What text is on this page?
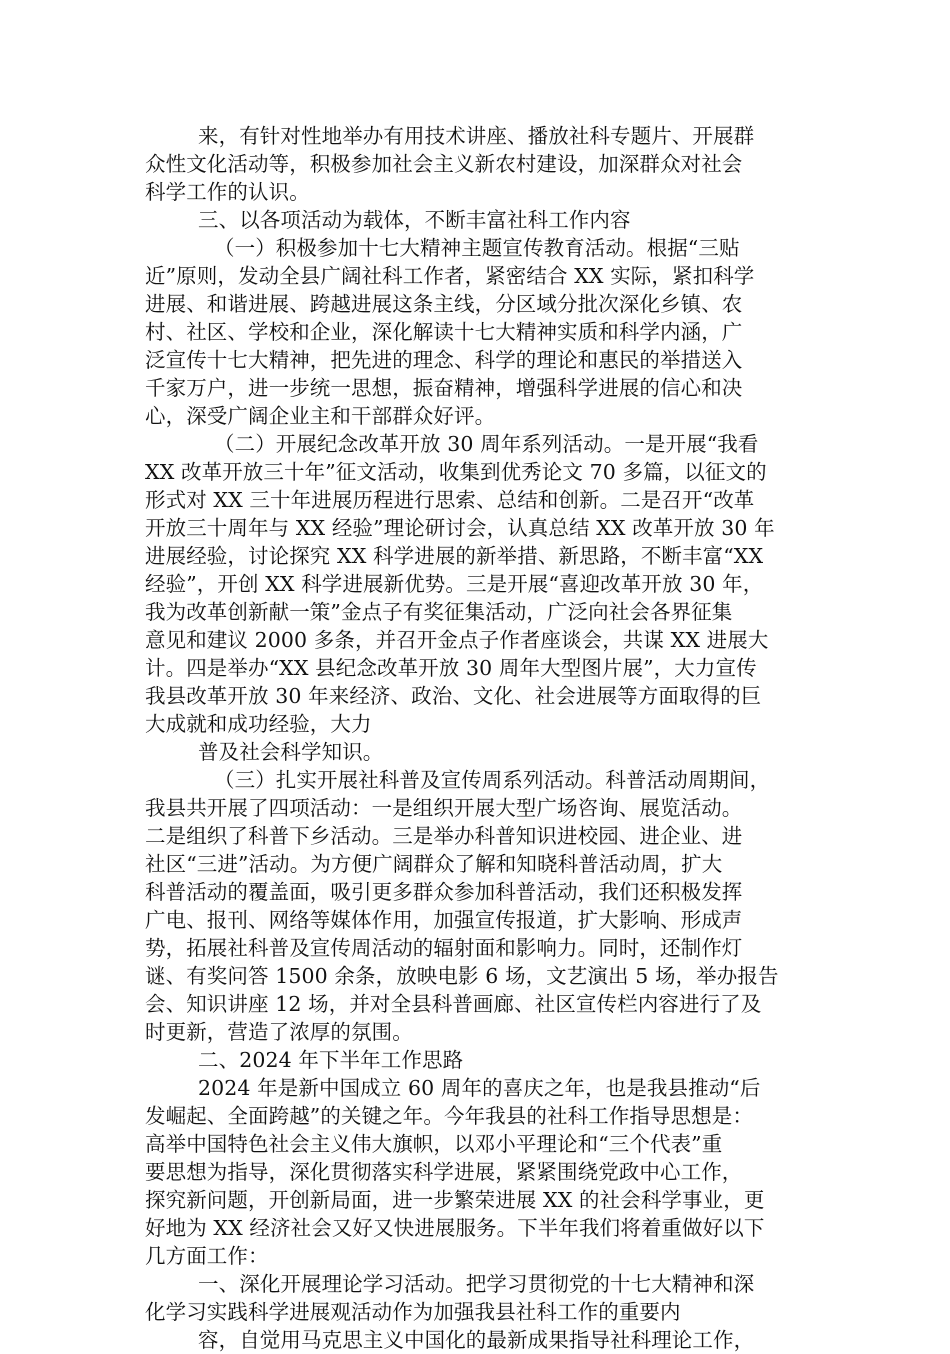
来，有针对性地举办有用技术讲座、播放社科专题片、开展群
众性文化活动等，积极参加社会主义新农村建设，加深群众对社会
科学工作的认识。
三、以各项活动为载体，不断丰富社科工作内容
（一）积极参加十七大精神主题宣传教育活动。根据“三贴
近”原则，发动全县广阔社科工作者，紧密结合 XX 实际，紧扣科学
进展、和谐进展、跨越进展这条主线，分区域分批次深化乡镇、农
村、社区、学校和企业，深化解读十七大精神实质和科学内涵，广
泛宣传十七大精神，把先进的理念、科学的理论和惠民的举措送入
千家万户，进一步统一思想，振奋精神，增强科学进展的信心和决
心，深受广阔企业主和干部群众好评。
（二）开展纪念改革开放 30 周年系列活动。一是开展“我看
XX 改革开放三十年”征文活动，收集到优秀论文 70 多篇，以征文的
形式对 XX 三十年进展历程进行思索、总结和创新。二是召开“改革
开放三十周年与 XX 经验”理论研讨会，认真总结 XX 改革开放 30 年
进展经验，讨论探究 XX 科学进展的新举措、新思路，不断丰富“XX
经验”，开创 XX 科学进展新优势。三是开展“喜迎改革开放 30 年，
我为改革创新献一策”金点子有奖征集活动，广泛向社会各界征集
意见和建议 2000 多条，并召开金点子作者座谈会，共谋 XX 进展大
计。四是举办“XX 县纪念改革开放 30 周年大型图片展”，大力宣传
我县改革开放 30 年来经济、政治、文化、社会进展等方面取得的巨
大成就和成功经验，大力
普及社会科学知识。
（三）扎实开展社科普及宣传周系列活动。科普活动周期间，
我县共开展了四项活动：一是组织开展大型广场咨询、展览活动。
二是组织了科普下乡活动。三是举办科普知识进校园、进企业、进
社区“三进”活动。为方便广阔群众了解和知晓科普活动周，扩大
科普活动的覆盖面，吸引更多群众参加科普活动，我们还积极发挥
广电、报刊、网络等媒体作用，加强宣传报道，扩大影响、形成声
势，拓展社科普及宣传周活动的辐射面和影响力。同时，还制作灯
谜、有奖问答 1500 余条，放映电影 6 场，文艺演出 5 场，举办报告
会、知识讲座 12 场，并对全县科普画廊、社区宣传栏内容进行了及
时更新，营造了浓厚的氛围。
二、2024 年下半年工作思路
2024 年是新中国成立 60 周年的喜庆之年，也是我县推动“后
发崛起、全面跨越”的关键之年。今年我县的社科工作指导思想是：
高举中国特色社会主义伟大旗帜，以邓小平理论和“三个代表”重
要思想为指导，深化贯彻落实科学进展，紧紧围绕党政中心工作，
探究新问题，开创新局面，进一步繁荣进展 XX 的社会科学事业，更
好地为 XX 经济社会又好又快进展服务。下半年我们将着重做好以下
几方面工作：
一、深化开展理论学习活动。把学习贯彻党的十七大精神和深
化学习实践科学进展观活动作为加强我县社科工作的重要内
容，自觉用马克思主义中国化的最新成果指导社科理论工作，
